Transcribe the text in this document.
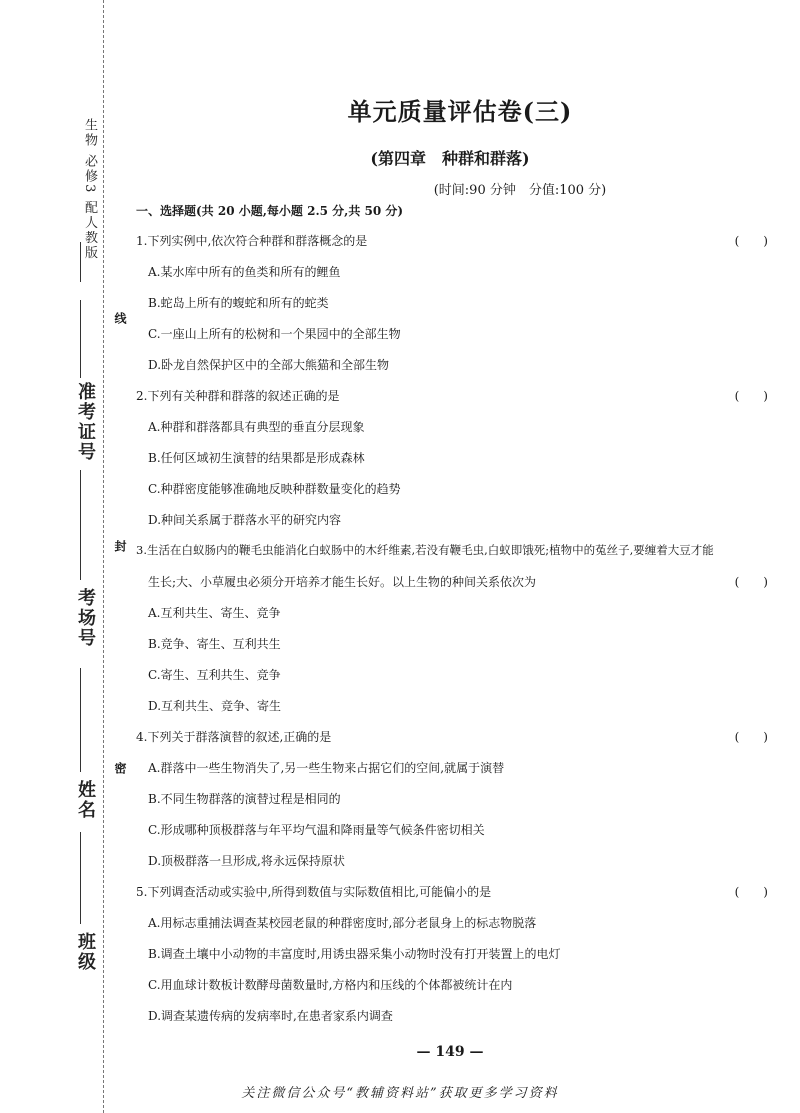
生物 必修3 配人教版
准考证号
考场号
姓名
班级
线
封
密
单元质量评估卷(三)
(第四章　种群和群落)
(时间:90 分钟　分值:100 分)
一、选择题(共 20 小题,每小题 2.5 分,共 50 分)
1.下列实例中,依次符合种群和群落概念的是	(　　)
A.某水库中所有的鱼类和所有的鲤鱼
B.蛇岛上所有的蝮蛇和所有的蛇类
C.一座山上所有的松树和一个果园中的全部生物
D.卧龙自然保护区中的全部大熊猫和全部生物
2.下列有关种群和群落的叙述正确的是	(　　)
A.种群和群落都具有典型的垂直分层现象
B.任何区域初生演替的结果都是形成森林
C.种群密度能够准确地反映种群数量变化的趋势
D.种间关系属于群落水平的研究内容
3.生活在白蚁肠内的鞭毛虫能消化白蚁肠中的木纤维素,若没有鞭毛虫,白蚁即饿死;植物中的菟丝子,要缠着大豆才能
生长;大、小草履虫必须分开培养才能生长好。以上生物的种间关系依次为	(　　)
A.互利共生、寄生、竞争
B.竞争、寄生、互利共生
C.寄生、互利共生、竞争
D.互利共生、竞争、寄生
4.下列关于群落演替的叙述,正确的是	(　　)
A.群落中一些生物消失了,另一些生物来占据它们的空间,就属于演替
B.不同生物群落的演替过程是相同的
C.形成哪种顶极群落与年平均气温和降雨量等气候条件密切相关
D.顶极群落一旦形成,将永远保持原状
5.下列调查活动或实验中,所得到数值与实际数值相比,可能偏小的是	(　　)
A.用标志重捕法调查某校园老鼠的种群密度时,部分老鼠身上的标志物脱落
B.调查土壤中小动物的丰富度时,用诱虫器采集小动物时没有打开装置上的电灯
C.用血球计数板计数酵母菌数量时,方格内和压线的个体都被统计在内
D.调查某遗传病的发病率时,在患者家系内调查
— 149 —
关注微信公众号“教辅资料站”获取更多学习资料
